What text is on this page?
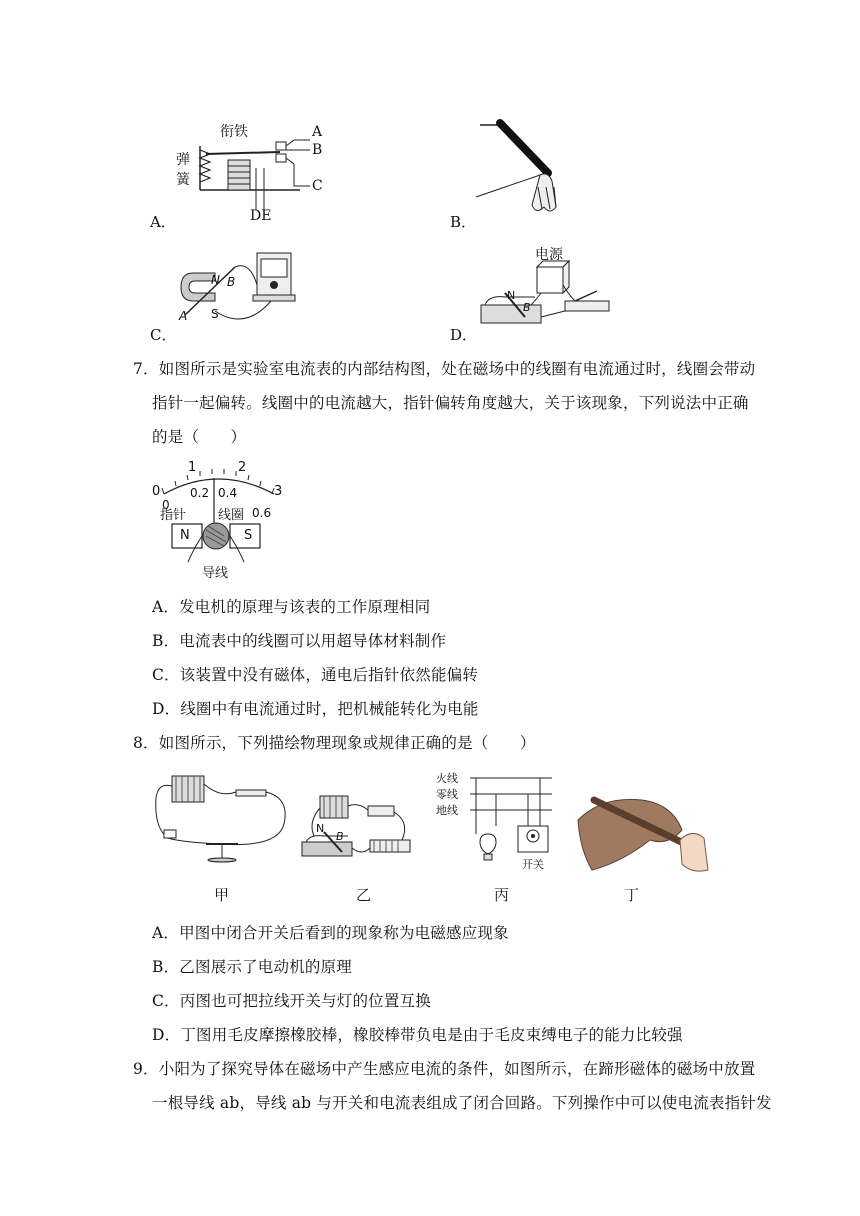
衔铁
弹
簧
A
B
C
DE
A．	B．
N B
A S
C．
电源
N
B
D．
7．如图所示是实验室电流表的内部结构图，处在磁场中的线圈有电流通过时，线圈会带动
指针一起偏转。线圈中的电流越大，指针偏转角度越大，关于该现象，下列说法中正确
的是（　　）
0
1	2
3
0
0.2 0.4
0.6
指针 线圈
N	S
导线
A．发电机的原理与该表的工作原理相同
B．电流表中的线圈可以用超导体材料制作
C．该装置中没有磁体，通电后指针依然能偏转
D．线圈中有电流通过时，把机械能转化为电能
8．如图所示，下列描绘物理现象或规律正确的是（　　）
N
B
火线
零线
地线
开关
甲	乙	丙	丁
A．甲图中闭合开关后看到的现象称为电磁感应现象
B．乙图展示了电动机的原理
C．丙图也可把拉线开关与灯的位置互换
D．丁图用毛皮摩擦橡胶棒，橡胶棒带负电是由于毛皮束缚电子的能力比较强
9．小阳为了探究导体在磁场中产生感应电流的条件，如图所示，在蹄形磁体的磁场中放置
一根导线 ab，导线 ab 与开关和电流表组成了闭合回路。下列操作中可以使电流表指针发
